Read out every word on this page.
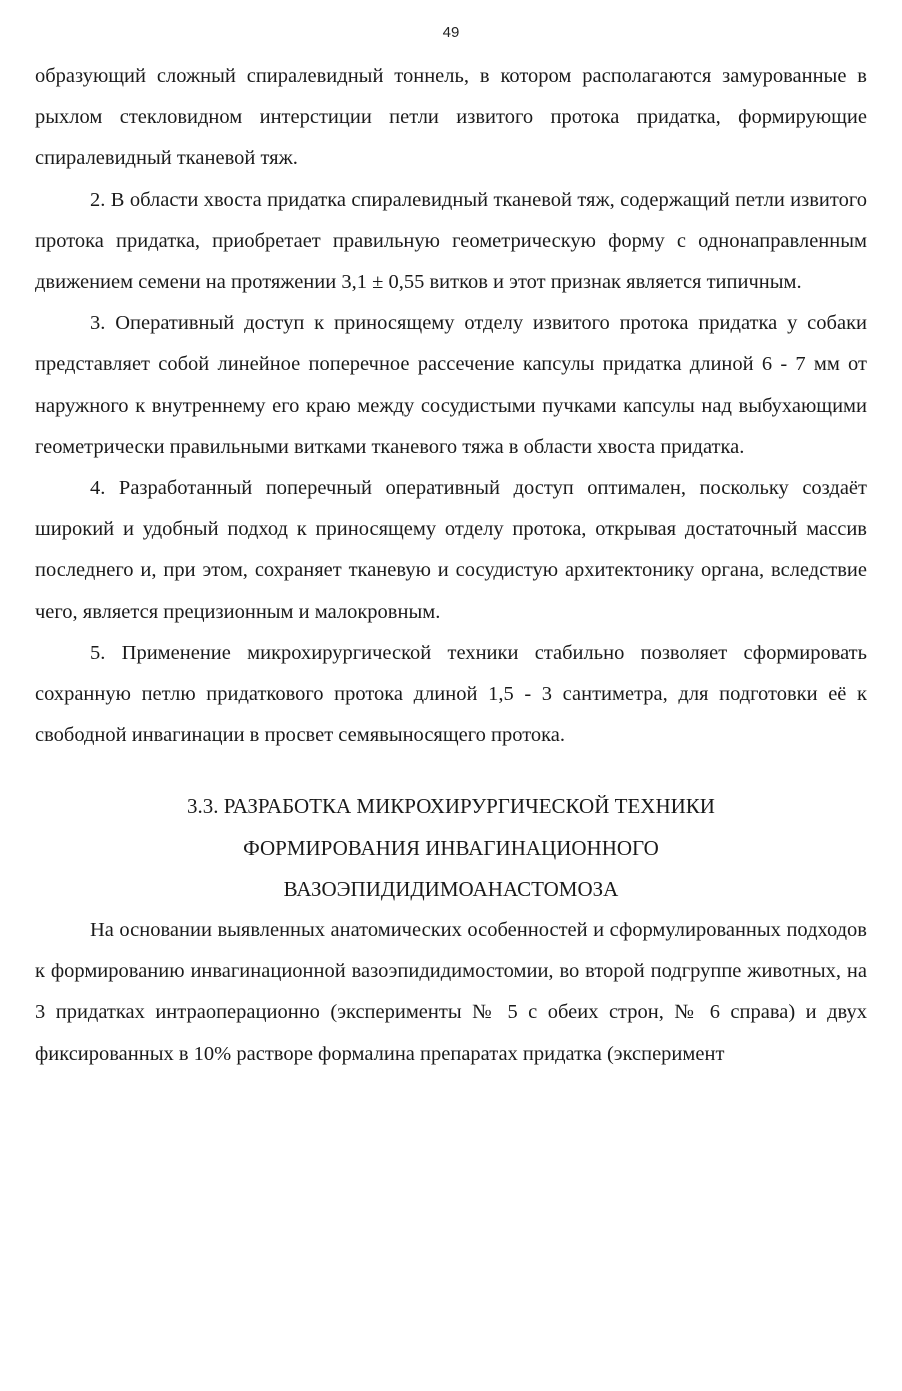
49

образующий сложный спиралевидный тоннель, в котором располагаются замурованные в рыхлом стекловидном интерстиции петли извитого протока придатка, формирующие спиралевидный тканевой тяж.

2. В области хвоста придатка спиралевидный тканевой тяж, содержащий петли извитого протока придатка, приобретает правильную геометрическую форму с однонаправленным движением семени на протяжении 3,1 ± 0,55 витков и этот признак является типичным.

3. Оперативный доступ к приносящему отделу извитого протока придатка у собаки представляет собой линейное поперечное рассечение капсулы придатка длиной 6 - 7 мм от наружного к внутреннему его краю между сосудистыми пучками капсулы над выбухающими геометрически правильными витками тканевого тяжа в области хвоста придатка.

4. Разработанный поперечный оперативный доступ оптимален, поскольку создаёт широкий и удобный подход к приносящему отделу протока, открывая достаточный массив последнего и, при этом, сохраняет тканевую и сосудистую архитектонику органа, вследствие чего, является прецизионным и малокровным.

5. Применение микрохирургической техники стабильно позволяет сформировать сохранную петлю придаткового протока длиной 1,5 - 3 сантиметра, для подготовки её к свободной инвагинации в просвет семявыносящего протока.

3.3. РАЗРАБОТКА МИКРОХИРУРГИЧЕСКОЙ ТЕХНИКИ
ФОРМИРОВАНИЯ ИНВАГИНАЦИОННОГО
ВАЗОЭПИДИДИМОАНАСТОМОЗА

На основании выявленных анатомических особенностей и сформулированных подходов к формированию инвагинационной вазоэпидидимостомии, во второй подгруппе животных, на 3 придатках интраоперационно (эксперименты № 5 с обеих строн, № 6 справа) и двух фиксированных в 10% растворе формалина препаратах придатка (эксперимент
